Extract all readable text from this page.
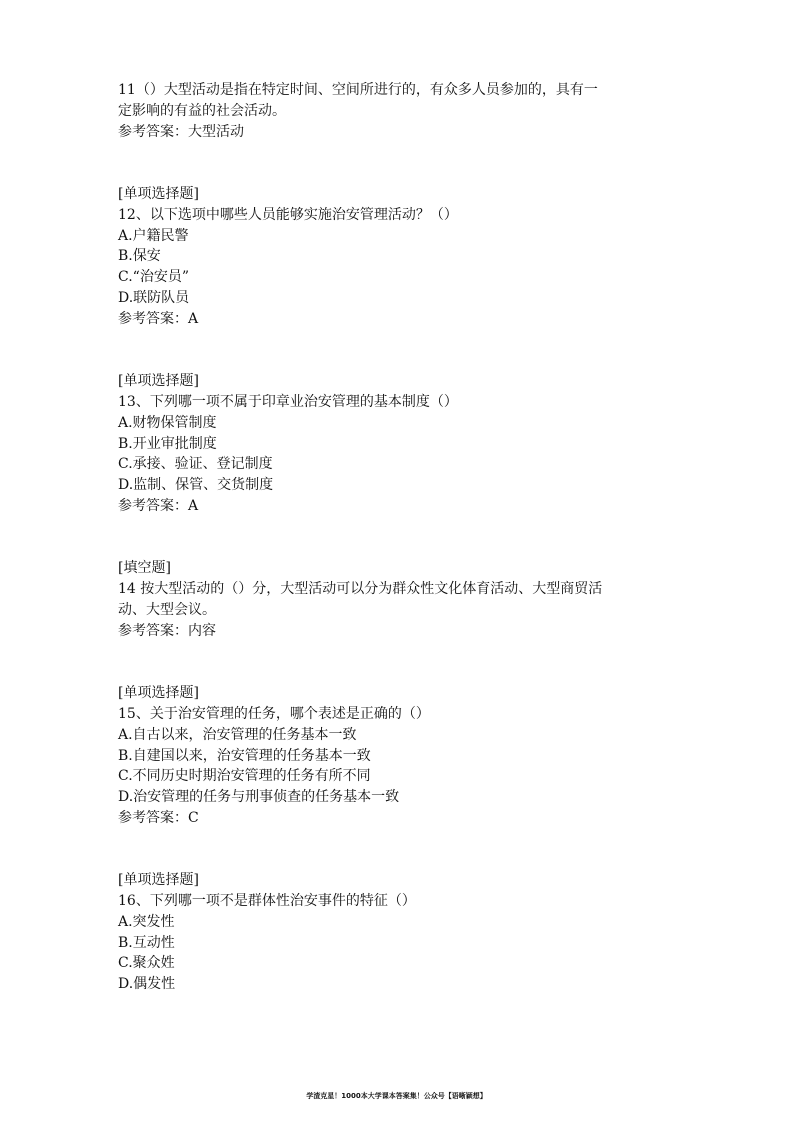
11（）大型活动是指在特定时间、空间所进行的，有众多人员参加的，具有一
定影响的有益的社会活动。
参考答案：大型活动
[单项选择题]
12、以下选项中哪些人员能够实施治安管理活动？（）
A.户籍民警
B.保安
C.“治安员”
D.联防队员
参考答案：A
[单项选择题]
13、下列哪一项不属于印章业治安管理的基本制度（）
A.财物保管制度
B.开业审批制度
C.承接、验证、登记制度
D.监制、保管、交货制度
参考答案：A
[填空题]
14 按大型活动的（）分，大型活动可以分为群众性文化体育活动、大型商贸活
动、大型会议。
参考答案：内容
[单项选择题]
15、关于治安管理的任务，哪个表述是正确的（）
A.自古以来，治安管理的任务基本一致
B.自建国以来，治安管理的任务基本一致
C.不同历史时期治安管理的任务有所不同
D.治安管理的任务与刑事侦查的任务基本一致
参考答案：C
[单项选择题]
16、下列哪一项不是群体性治安事件的特征（）
A.突发性
B.互动性
C.聚众姓
D.偶发性
学渣克星！1000本大学课本答案集！公众号【语晰颖想】
